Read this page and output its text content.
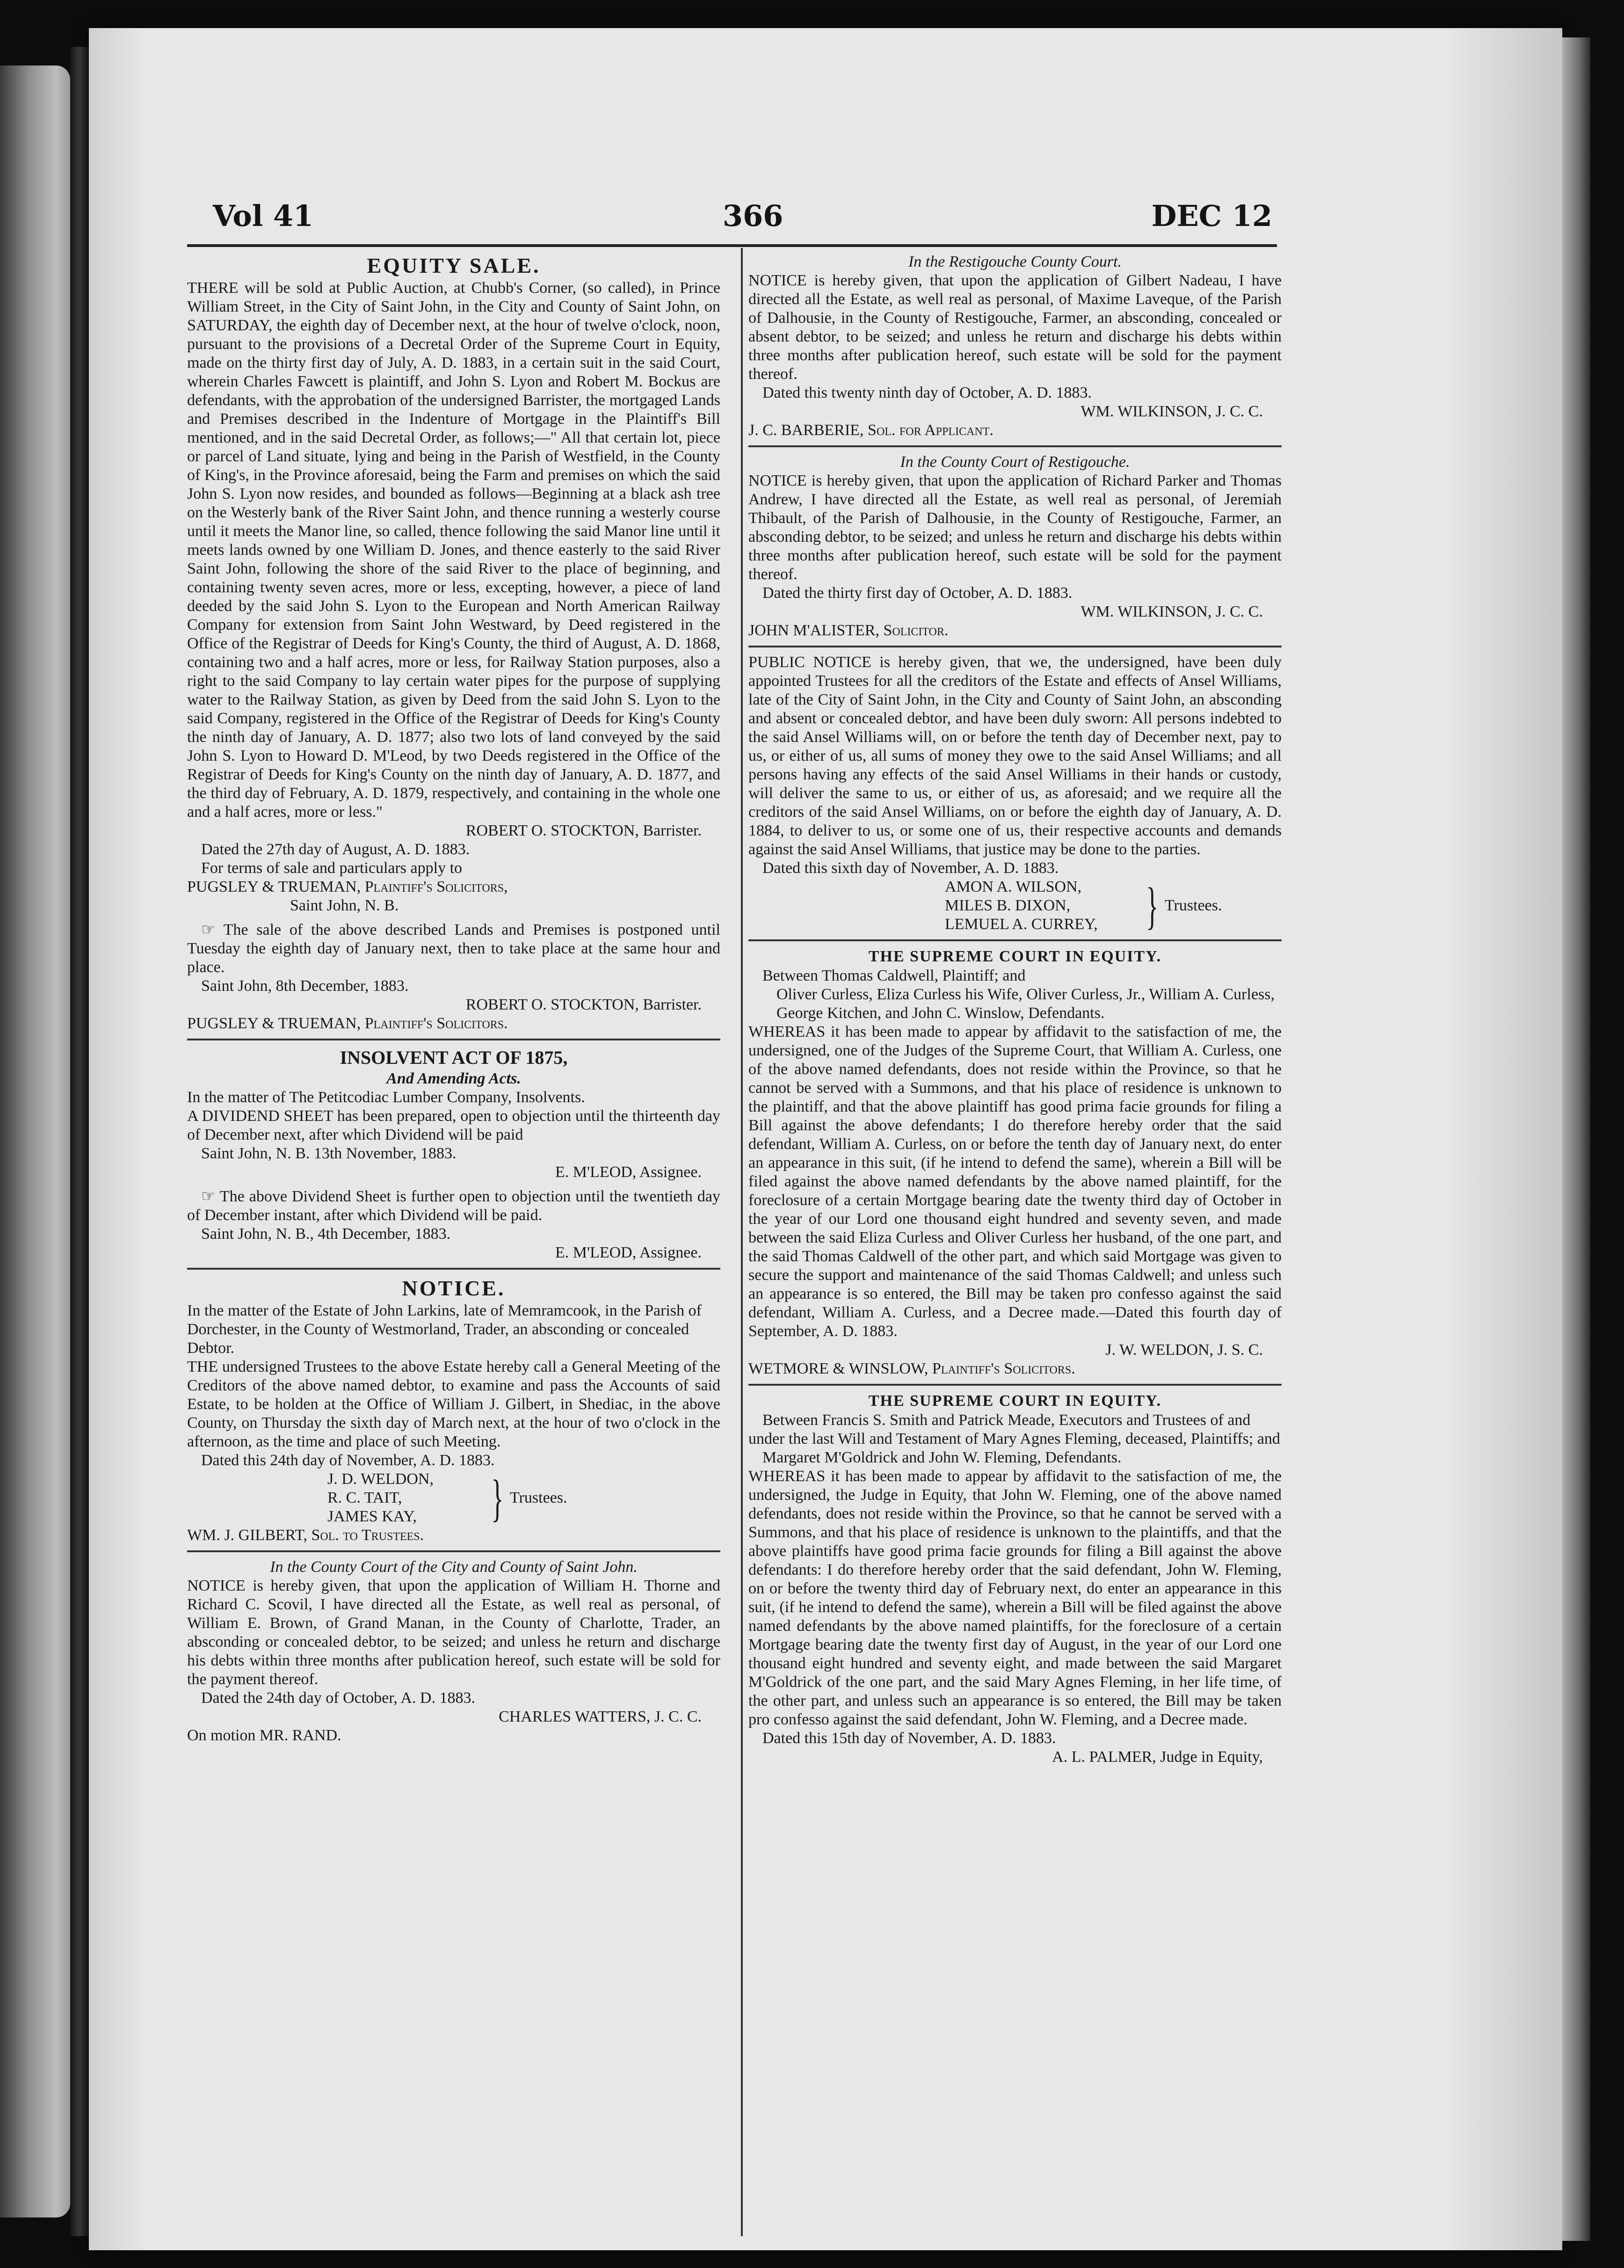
Vol 41	366	DEC 12

EQUITY SALE.

THERE will be sold at Public Auction, at Chubb's Corner, (so called), in Prince William Street, in the City of Saint John, in the City and County of Saint John, on SATURDAY, the eighth day of December next, at the hour of twelve o'clock, noon, pursuant to the provisions of a Decretal Order of the Supreme Court in Equity, made on the thirty first day of July, A. D. 1883, in a certain suit in the said Court, wherein Charles Fawcett is plaintiff, and John S. Lyon and Robert M. Bockus are defendants, with the approbation of the undersigned Barrister, the mortgaged Lands and Premises described in the Indenture of Mortgage in the Plaintiff's Bill mentioned, and in the said Decretal Order, as follows;—" All that certain lot, piece or parcel of Land situate, lying and being in the Parish of Westfield, in the County of King's, in the Province aforesaid, being the Farm and premises on which the said John S. Lyon now resides, and bounded as follows—Beginning at a black ash tree on the Westerly bank of the River Saint John, and thence running a westerly course until it meets the Manor line, so called, thence following the said Manor line until it meets lands owned by one William D. Jones, and thence easterly to the said River Saint John, following the shore of the said River to the place of beginning, and containing twenty seven acres, more or less, excepting, however, a piece of land deeded by the said John S. Lyon to the European and North American Railway Company for extension from Saint John Westward, by Deed registered in the Office of the Registrar of Deeds for King's County, the third of August, A. D. 1868, containing two and a half acres, more or less, for Railway Station purposes, also a right to the said Company to lay certain water pipes for the purpose of supplying water to the Railway Station, as given by Deed from the said John S. Lyon to the said Company, registered in the Office of the Registrar of Deeds for King's County the ninth day of January, A. D. 1877; also two lots of land conveyed by the said John S. Lyon to Howard D. M'Leod, by two Deeds registered in the Office of the Registrar of Deeds for King's County on the ninth day of January, A. D. 1877, and the third day of February, A. D. 1879, respectively, and containing in the whole one and a half acres, more or less."

ROBERT O. STOCKTON, Barrister.

Dated the 27th day of August, A. D. 1883.

For terms of sale and particulars apply to

PUGSLEY & TRUEMAN, Plaintiff's Solicitors,

Saint John, N. B.

☞ The sale of the above described Lands and Premises is postponed until Tuesday the eighth day of January next, then to take place at the same hour and place.

Saint John, 8th December, 1883.

ROBERT O. STOCKTON, Barrister.

PUGSLEY & TRUEMAN, Plaintiff's Solicitors.

INSOLVENT ACT OF 1875,

And Amending Acts.

In the matter of The Petitcodiac Lumber Company, Insolvents.

A DIVIDEND SHEET has been prepared, open to objection until the thirteenth day of December next, after which Dividend will be paid

Saint John, N. B. 13th November, 1883.

E. M'LEOD, Assignee.

☞ The above Dividend Sheet is further open to objection until the twentieth day of December instant, after which Dividend will be paid.

Saint John, N. B., 4th December, 1883.

E. M'LEOD, Assignee.

NOTICE.

In the matter of the Estate of John Larkins, late of Memramcook, in the Parish of Dorchester, in the County of Westmorland, Trader, an absconding or concealed Debtor.

THE undersigned Trustees to the above Estate hereby call a General Meeting of the Creditors of the above named debtor, to examine and pass the Accounts of said Estate, to be holden at the Office of William J. Gilbert, in Shediac, in the above County, on Thursday the sixth day of March next, at the hour of two o'clock in the afternoon, as the time and place of such Meeting.

Dated this 24th day of November, A. D. 1883.

J. D. WELDON,
R. C. TAIT,
JAMES KAY,	} Trustees.

WM. J. GILBERT, Sol. to Trustees.

In the County Court of the City and County of Saint John.

NOTICE is hereby given, that upon the application of William H. Thorne and Richard C. Scovil, I have directed all the Estate, as well real as personal, of William E. Brown, of Grand Manan, in the County of Charlotte, Trader, an absconding or concealed debtor, to be seized; and unless he return and discharge his debts within three months after publication hereof, such estate will be sold for the payment thereof.

Dated the 24th day of October, A. D. 1883.

CHARLES WATTERS, J. C. C.

On motion MR. RAND.

In the Restigouche County Court.

NOTICE is hereby given, that upon the application of Gilbert Nadeau, I have directed all the Estate, as well real as personal, of Maxime Laveque, of the Parish of Dalhousie, in the County of Restigouche, Farmer, an absconding, concealed or absent debtor, to be seized; and unless he return and discharge his debts within three months after publication hereof, such estate will be sold for the payment thereof.

Dated this twenty ninth day of October, A. D. 1883.

WM. WILKINSON, J. C. C.

J. C. BARBERIE, Sol. for Applicant.

In the County Court of Restigouche.

NOTICE is hereby given, that upon the application of Richard Parker and Thomas Andrew, I have directed all the Estate, as well real as personal, of Jeremiah Thibault, of the Parish of Dalhousie, in the County of Restigouche, Farmer, an absconding debtor, to be seized; and unless he return and discharge his debts within three months after publication hereof, such estate will be sold for the payment thereof.

Dated the thirty first day of October, A. D. 1883.

WM. WILKINSON, J. C. C.

JOHN M'ALISTER, Solicitor.

PUBLIC NOTICE is hereby given, that we, the undersigned, have been duly appointed Trustees for all the creditors of the Estate and effects of Ansel Williams, late of the City of Saint John, in the City and County of Saint John, an absconding and absent or concealed debtor, and have been duly sworn: All persons indebted to the said Ansel Williams will, on or before the tenth day of December next, pay to us, or either of us, all sums of money they owe to the said Ansel Williams; and all persons having any effects of the said Ansel Williams in their hands or custody, will deliver the same to us, or either of us, as aforesaid; and we require all the creditors of the said Ansel Williams, on or before the eighth day of January, A. D. 1884, to deliver to us, or some one of us, their respective accounts and demands against the said Ansel Williams, that justice may be done to the parties.

Dated this sixth day of November, A. D. 1883.

AMON A. WILSON,
MILES B. DIXON,
LEMUEL A. CURREY, } Trustees.

THE SUPREME COURT IN EQUITY.

Between Thomas Caldwell, Plaintiff; and

Oliver Curless, Eliza Curless his Wife, Oliver Curless, Jr., William A. Curless, George Kitchen, and John C. Winslow, Defendants.

WHEREAS it has been made to appear by affidavit to the satisfaction of me, the undersigned, one of the Judges of the Supreme Court, that William A. Curless, one of the above named defendants, does not reside within the Province, so that he cannot be served with a Summons, and that his place of residence is unknown to the plaintiff, and that the above plaintiff has good prima facie grounds for filing a Bill against the above defendants; I do therefore hereby order that the said defendant, William A. Curless, on or before the tenth day of January next, do enter an appearance in this suit, (if he intend to defend the same), wherein a Bill will be filed against the above named defendants by the above named plaintiff, for the foreclosure of a certain Mortgage bearing date the twenty third day of October in the year of our Lord one thousand eight hundred and seventy seven, and made between the said Eliza Curless and Oliver Curless her husband, of the one part, and the said Thomas Caldwell of the other part, and which said Mortgage was given to secure the support and maintenance of the said Thomas Caldwell; and unless such an appearance is so entered, the Bill may be taken pro confesso against the said defendant, William A. Curless, and a Decree made.—Dated this fourth day of September, A. D. 1883.

J. W. WELDON, J. S. C.

WETMORE & WINSLOW, Plaintiff's Solicitors.

THE SUPREME COURT IN EQUITY.

Between Francis S. Smith and Patrick Meade, Executors and Trustees of and under the last Will and Testament of Mary Agnes Fleming, deceased, Plaintiffs; and

Margaret M'Goldrick and John W. Fleming, Defendants.

WHEREAS it has been made to appear by affidavit to the satisfaction of me, the undersigned, the Judge in Equity, that John W. Fleming, one of the above named defendants, does not reside within the Province, so that he cannot be served with a Summons, and that his place of residence is unknown to the plaintiffs, and that the above plaintiffs have good prima facie grounds for filing a Bill against the above defendants: I do therefore hereby order that the said defendant, John W. Fleming, on or before the twenty third day of February next, do enter an appearance in this suit, (if he intend to defend the same), wherein a Bill will be filed against the above named defendants by the above named plaintiffs, for the foreclosure of a certain Mortgage bearing date the twenty first day of August, in the year of our Lord one thousand eight hundred and seventy eight, and made between the said Margaret M'Goldrick of the one part, and the said Mary Agnes Fleming, in her life time, of the other part, and unless such an appearance is so entered, the Bill may be taken pro confesso against the said defendant, John W. Fleming, and a Decree made.

Dated this 15th day of November, A. D. 1883.

A. L. PALMER, Judge in Equity,
